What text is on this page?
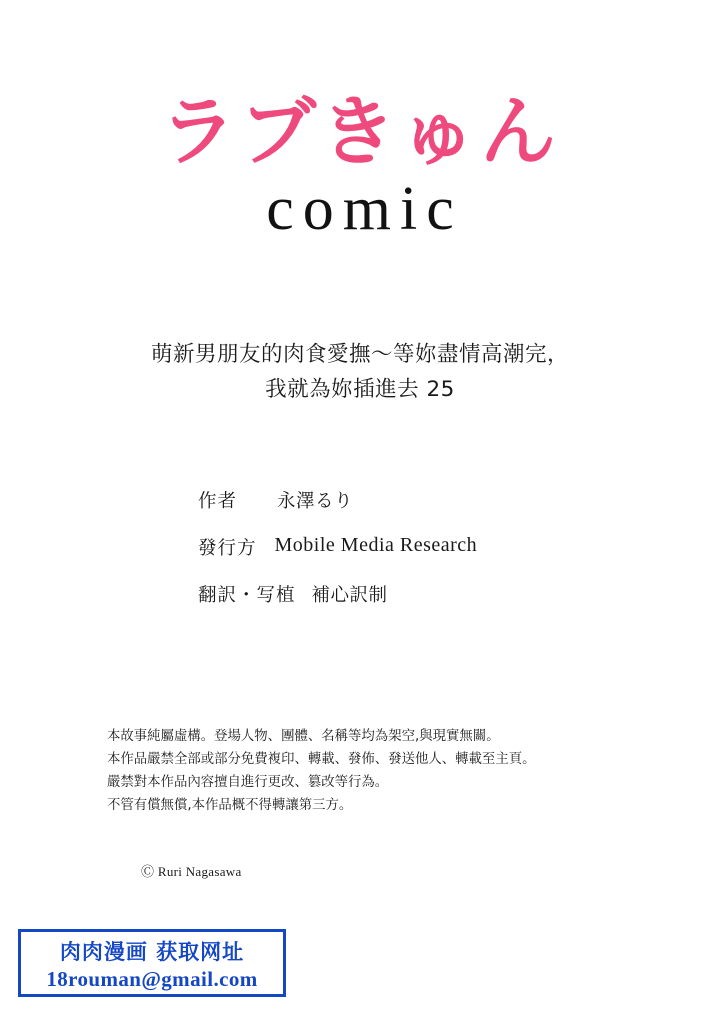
ラブきゅん
comic
萌新男朋友的肉食愛撫～等妳盡情高潮完，
我就為妳插進去 25
作者 永澤るり
發行方 Mobile Media Research
翻訳・写植 補心訳制
本故事純屬虛構。登場人物、團體、名稱等均為架空,與現實無關。
本作品嚴禁全部或部分免費複印、轉載、發佈、發送他人、轉載至主頁。
嚴禁對本作品內容擅自進行更改、篡改等行為。
不管有償無償,本作品概不得轉讓第三方。
Ⓒ Ruri Nagasawa
肉肉漫画 获取网址
18rouman@gmail.com
